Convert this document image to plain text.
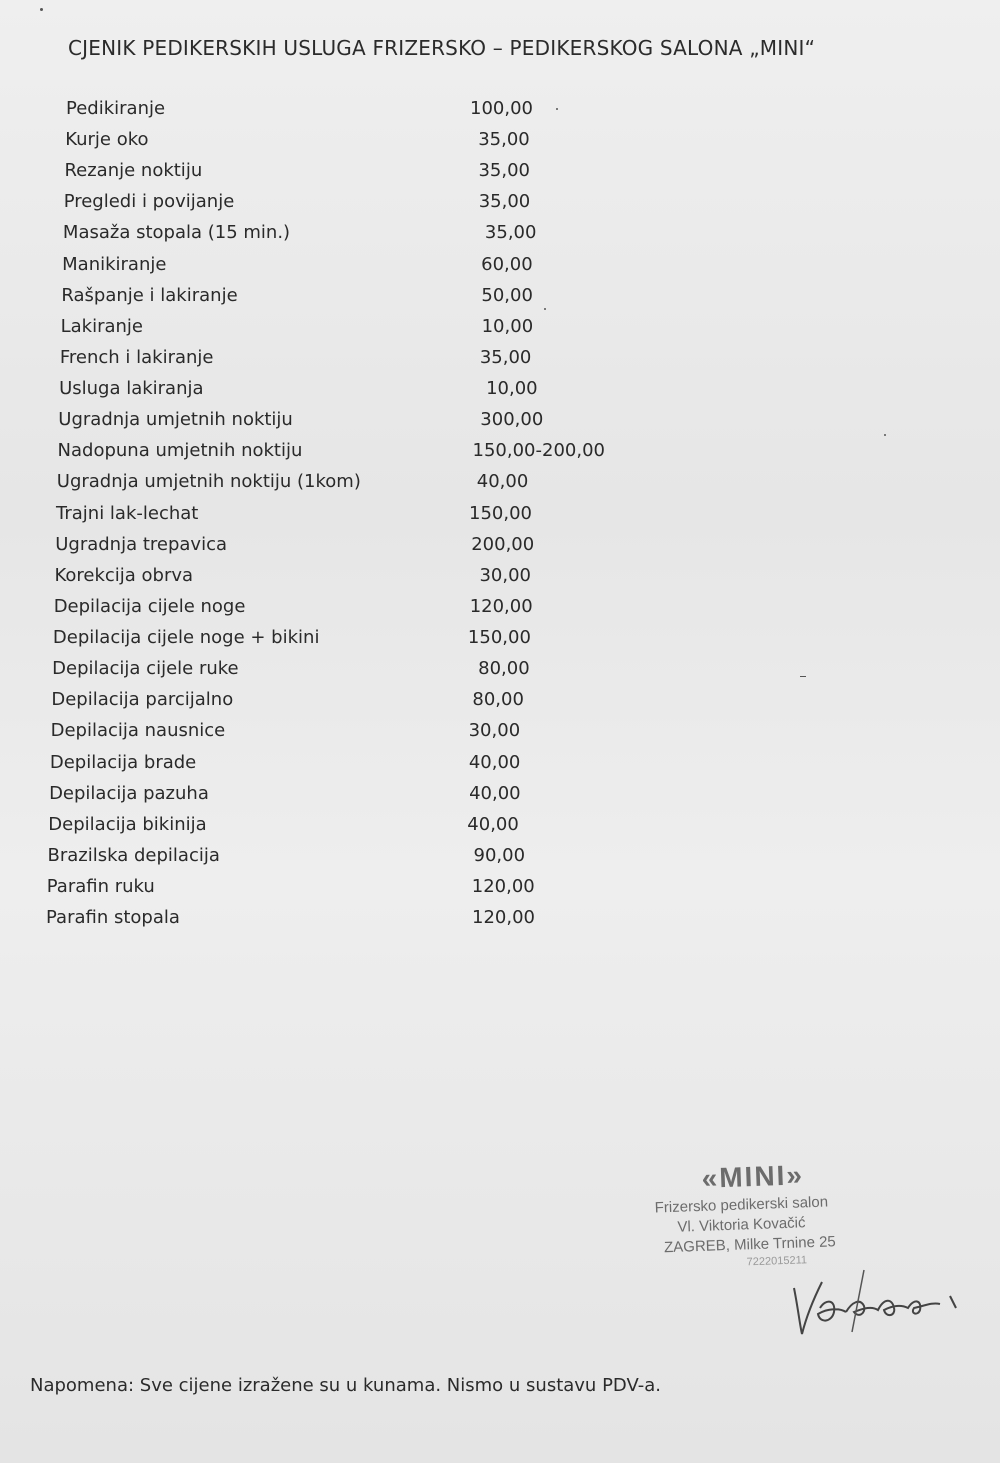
CJENIK PEDIKERSKIH USLUGA FRIZERSKO – PEDIKERSKOG SALONA „MINI“
Pedikiranje	100,00
Kurje oko	35,00
Rezanje noktiju	35,00
Pregledi i povijanje	35,00
Masaža stopala (15 min.)	35,00
Manikiranje	60,00
Rašpanje i lakiranje	50,00
Lakiranje	10,00
French i lakiranje	35,00
Usluga lakiranja	10,00
Ugradnja umjetnih noktiju	300,00
Nadopuna umjetnih noktiju	150,00-200,00
Ugradnja umjetnih noktiju (1kom)	40,00
Trajni lak-lechat	150,00
Ugradnja trepavica	200,00
Korekcija obrva	30,00
Depilacija cijele noge	120,00
Depilacija cijele noge + bikini	150,00
Depilacija cijele ruke	80,00
Depilacija parcijalno	80,00
Depilacija nausnice	30,00
Depilacija brade	40,00
Depilacija pazuha	40,00
Depilacija bikinija	40,00
Brazilska depilacija	90,00
Parafin ruku	120,00
Parafin stopala	120,00
«MINI»
Frizersko pedikerski salon
Vl. Viktoria Kovačić
ZAGREB, Milke Trnine 25
7222015211
Napomena: Sve cijene izražene su u kunama. Nismo u sustavu PDV-a.
